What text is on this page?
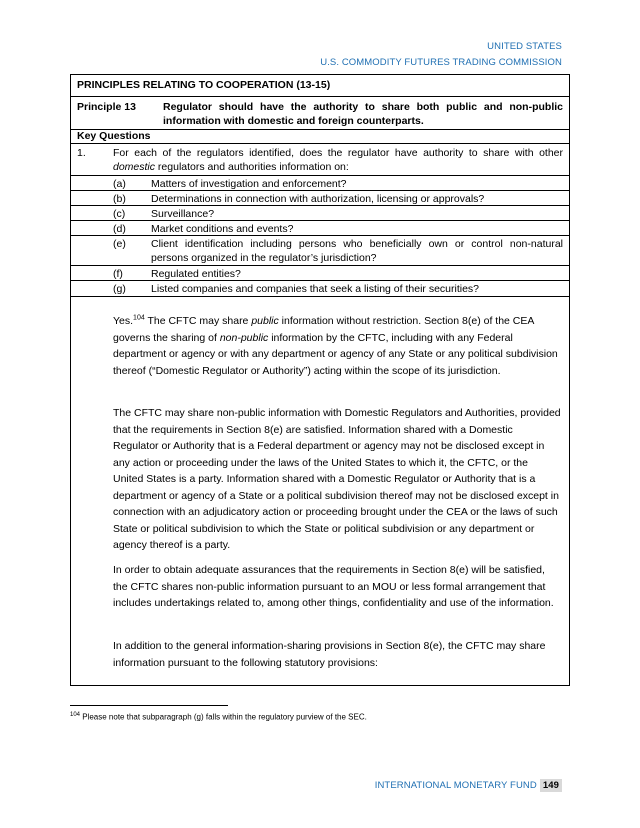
UNITED STATES
U.S. COMMODITY FUTURES TRADING COMMISSION
PRINCIPLES RELATING TO COOPERATION (13-15)
Principle 13	Regulator should have the authority to share both public and non-public information with domestic and foreign counterparts.
Key Questions
1.	For each of the regulators identified, does the regulator have authority to share with other domestic regulators and authorities information on:
(a) Matters of investigation and enforcement?
(b) Determinations in connection with authorization, licensing or approvals?
(c) Surveillance?
(d) Market conditions and events?
(e) Client identification including persons who beneficially own or control non-natural persons organized in the regulator’s jurisdiction?
(f)	Regulated entities?
(g) Listed companies and companies that seek a listing of their securities?
Yes.$^{104}$ The CFTC may share public information without restriction. Section 8(e) of the CEA governs the sharing of non-public information by the CFTC, including with any Federal department or agency or with any department or agency of any State or any political subdivision thereof (“Domestic Regulator or Authority”) acting within the scope of its jurisdiction.
The CFTC may share non-public information with Domestic Regulators and Authorities, provided that the requirements in Section 8(e) are satisfied. Information shared with a Domestic Regulator or Authority that is a Federal department or agency may not be disclosed except in any action or proceeding under the laws of the United States to which it, the CFTC, or the United States is a party. Information shared with a Domestic Regulator or Authority that is a department or agency of a State or a political subdivision thereof may not be disclosed except in connection with an adjudicatory action or proceeding brought under the CEA or the laws of such State or political subdivision to which the State or political subdivision or any department or agency thereof is a party.
In order to obtain adequate assurances that the requirements in Section 8(e) will be satisfied, the CFTC shares non-public information pursuant to an MOU or less formal arrangement that includes undertakings related to, among other things, confidentiality and use of the information.
In addition to the general information-sharing provisions in Section 8(e), the CFTC may share information pursuant to the following statutory provisions:
$^{104}$ Please note that subparagraph (g) falls within the regulatory purview of the SEC.
INTERNATIONAL MONETARY FUND 149
